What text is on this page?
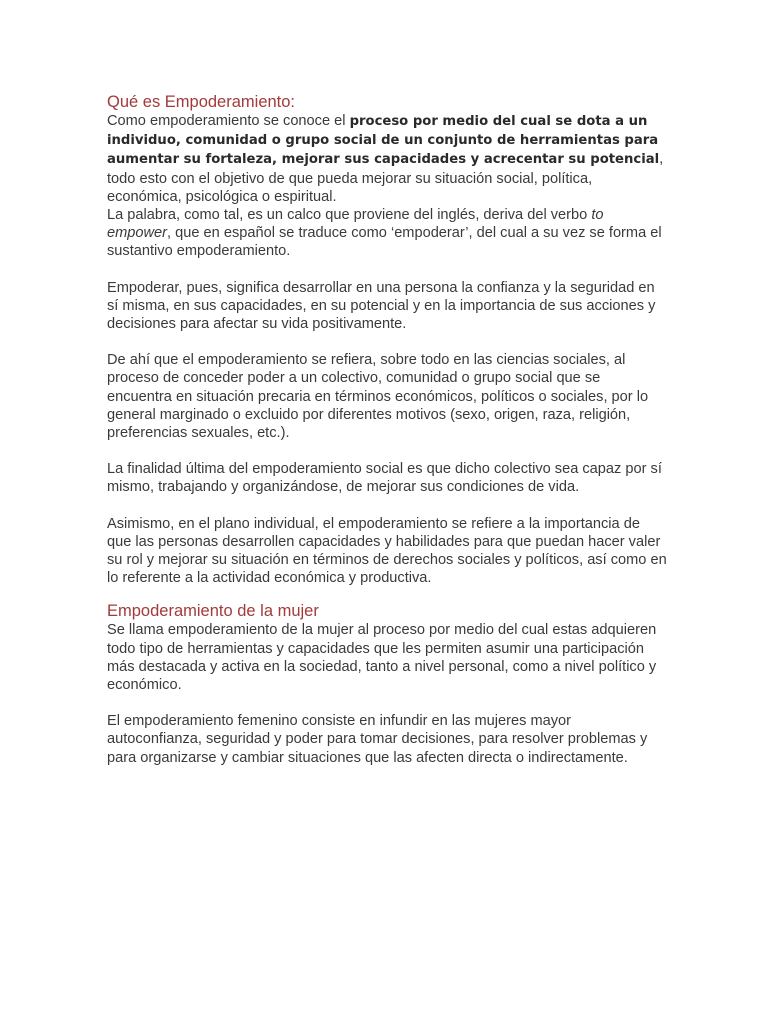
Qué es Empoderamiento:

Como empoderamiento se conoce el proceso por medio del cual se dota a un individuo, comunidad o grupo social de un conjunto de herramientas para aumentar su fortaleza, mejorar sus capacidades y acrecentar su potencial, todo esto con el objetivo de que pueda mejorar su situación social, política, económica, psicológica o espiritual.

La palabra, como tal, es un calco que proviene del inglés, deriva del verbo to empower, que en español se traduce como ‘empoderar’, del cual a su vez se forma el sustantivo empoderamiento.

Empoderar, pues, significa desarrollar en una persona la confianza y la seguridad en sí misma, en sus capacidades, en su potencial y en la importancia de sus acciones y decisiones para afectar su vida positivamente.

De ahí que el empoderamiento se refiera, sobre todo en las ciencias sociales, al proceso de conceder poder a un colectivo, comunidad o grupo social que se encuentra en situación precaria en términos económicos, políticos o sociales, por lo general marginado o excluido por diferentes motivos (sexo, origen, raza, religión, preferencias sexuales, etc.).

La finalidad última del empoderamiento social es que dicho colectivo sea capaz por sí mismo, trabajando y organizándose, de mejorar sus condiciones de vida.

Asimismo, en el plano individual, el empoderamiento se refiere a la importancia de que las personas desarrollen capacidades y habilidades para que puedan hacer valer su rol y mejorar su situación en términos de derechos sociales y políticos, así como en lo referente a la actividad económica y productiva.

Empoderamiento de la mujer

Se llama empoderamiento de la mujer al proceso por medio del cual estas adquieren todo tipo de herramientas y capacidades que les permiten asumir una participación más destacada y activa en la sociedad, tanto a nivel personal, como a nivel político y económico.

El empoderamiento femenino consiste en infundir en las mujeres mayor autoconfianza, seguridad y poder para tomar decisiones, para resolver problemas y para organizarse y cambiar situaciones que las afecten directa o indirectamente.
